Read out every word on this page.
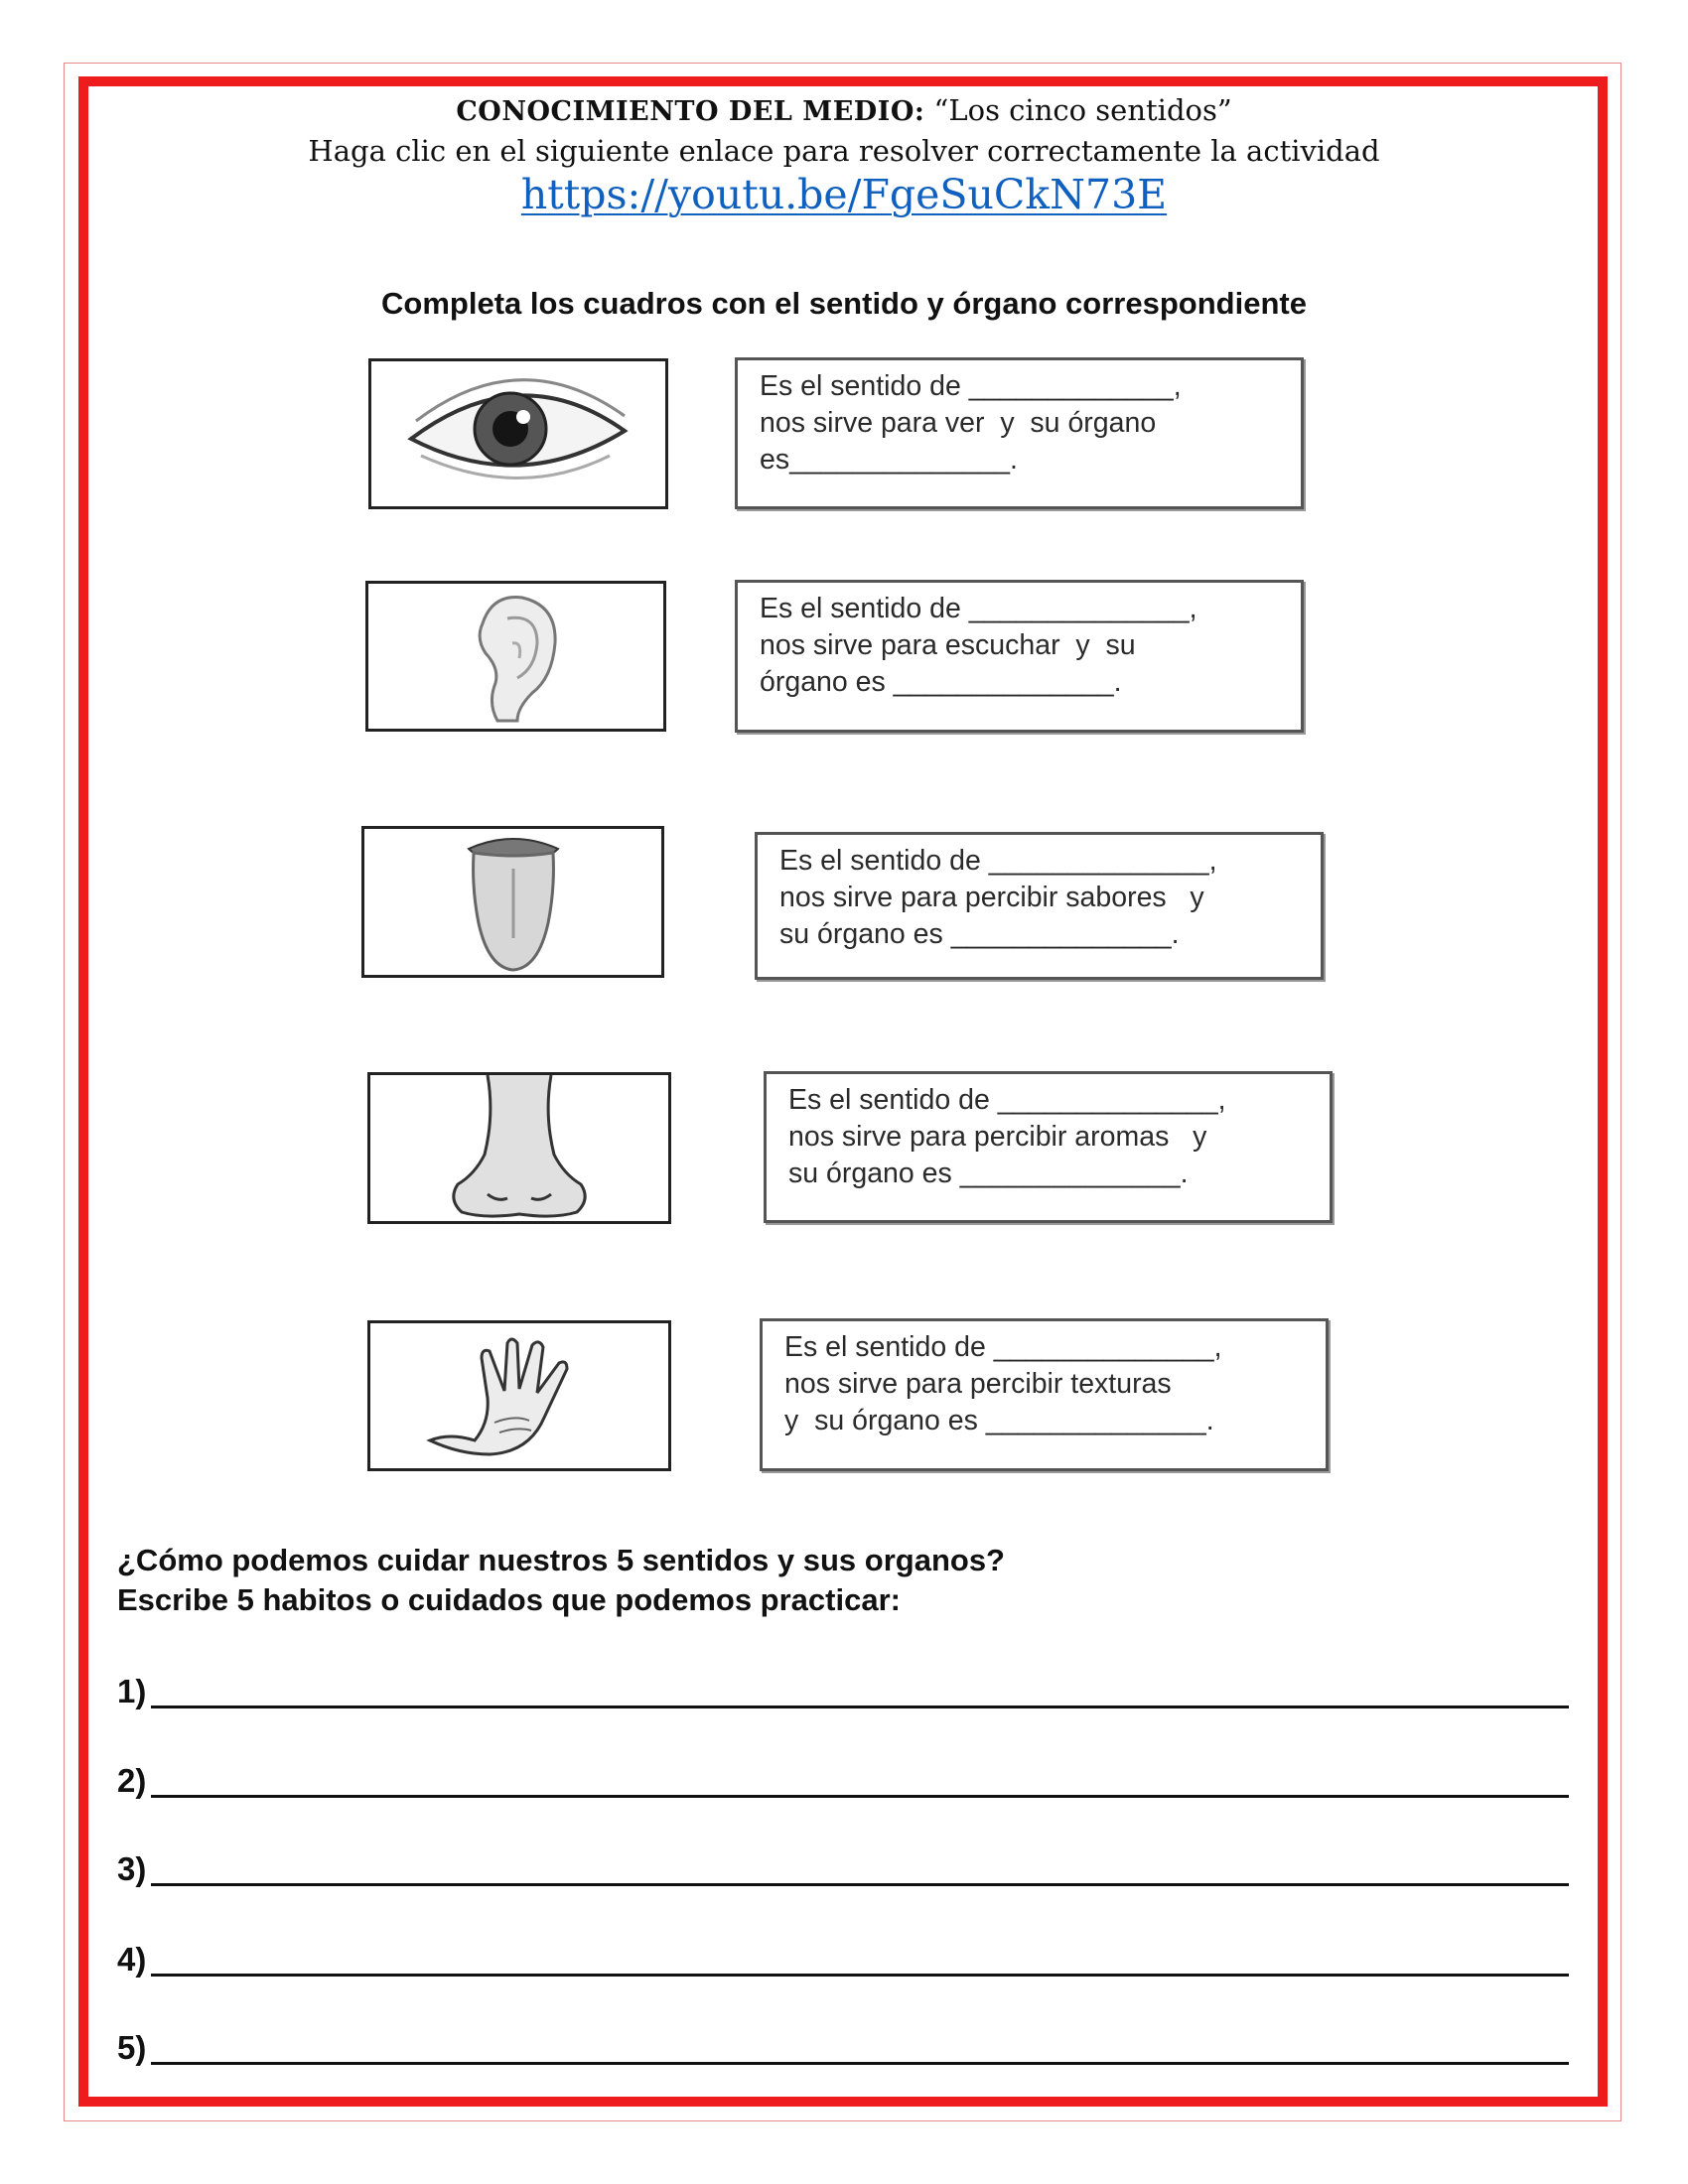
CONOCIMIENTO DEL MEDIO: “Los cinco sentidos”
Haga clic en el siguiente enlace para resolver correctamente la actividad
https://youtu.be/FgeSuCkN73E
Completa los cuadros con el sentido y órgano correspondiente
Es el sentido de _____________,
nos sirve para ver  y  su órgano
es______________.
Es el sentido de ______________,
nos sirve para escuchar  y  su
órgano es ______________.
Es el sentido de ______________,
nos sirve para percibir sabores   y
su órgano es ______________.
Es el sentido de ______________,
nos sirve para percibir aromas   y
su órgano es ______________.
Es el sentido de ______________,
nos sirve para percibir texturas
y  su órgano es ______________.
¿Cómo podemos cuidar nuestros 5 sentidos y sus organos?
Escribe 5 habitos o cuidados que podemos practicar:
1)
2)
3)
4)
5)
